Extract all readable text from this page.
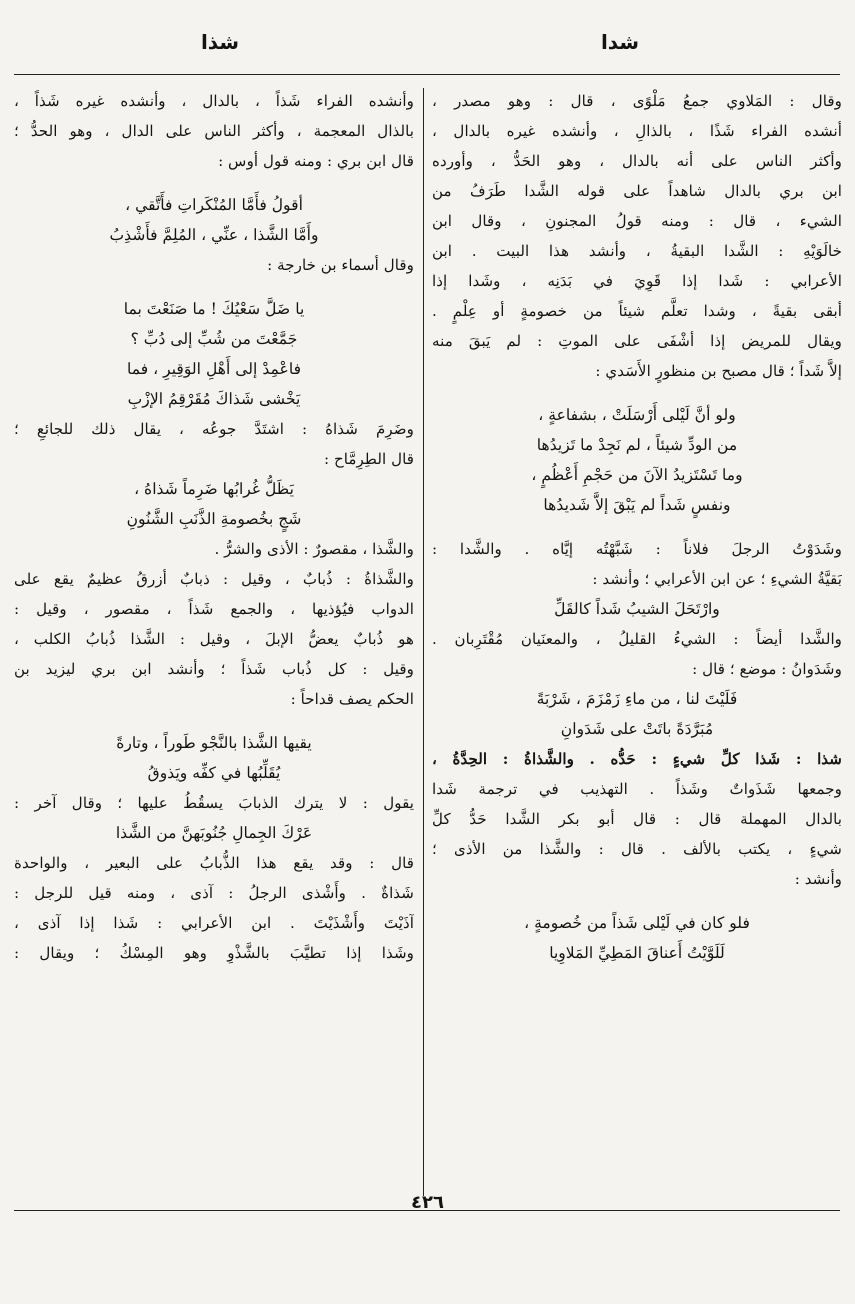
شدا
شذا
وقال : المَلاوي جمعُ مَلْوًى ، قال : وهو مصدر ،
أنشده الفراء شَذًا ، بالذالِ ، وأنشده غيره بالدال ،
وأكثر الناس على أنه بالدال ، وهو الحَدُّ ، وأورده
ابن بري بالدال شاهداً على قوله الشَّدا طَرَفُ من
الشيء ، قال : ومنه قولُ المجنونِ ، وقال ابن
خالَوَيْهِ : الشَّدا البقيةُ ، وأنشد هذا البيت . ابن
الأعرابي : شَدا إذا قَوِيَ في بَدَنِه ، وشَدا إذا
أبقى بقيةً ، وشدا تعلَّم شيئاً من خصومةٍ أو عِلْمٍ .
ويقال للمريض إذا أشْفَى على الموتِ : لم يَبقَ منه
إلاَّ شَداً ؛ قال مصبح بن منظورٍ الأَسَدي :
ولو أنَّ لَيْلى أَرْسَلَتْ ، بشفاعةٍ ،
من الودِّ شيئاً ، لم نَجِدْ ما تَزيدُها
وما تَسْتَزيدُ الآنَ من حَجْمِ أَعْظُمٍ ،
ونفسٍ شَداً لم يَبْقَ إلاَّ شَديدُها
وشَدَوْتُ الرجلَ فلاناً : شَبَّهْتُه إيَّاه . والشَّدا :
بَقيَّةُ الشيءِ ؛ عن ابن الأعرابي ؛ وأنشد :
وارْتَحَلَ الشيبُ شَداً كالقَلِّ
والشَّدا أيضاً : الشيءُ القليلُ ، والمعنَيان مُقْتَرِبان .
وشَدَوانُ : موضع ؛ قال :
فَلَيْتَ لنا ، من ماءِ زَمْزَمَ ، شَرْبَةً
مُبَرَّدَةً باتَتْ على شَدَوانِ
شذا : شَذا كلِّ شيءٍ : حَدُّه . والشَّذاةُ : الحِدَّةُ ،
وجمعها شَذَواتٌ وشَذاً . التهذيب في ترجمة شَدا
بالدال المهملة قال : قال أبو بكر الشَّدا حَدُّ كلِّ
شيءٍ ، يكتب بالألف . قال : والشَّذا من الأذى ؛
وأنشد :
فلو كان في لَيْلى شَذاً من خُصومةٍ ،
لَلَوَّيْتُ أَعناقَ المَطِيِّ المَلاوِيا
وأنشده الفراء شَذاً ، بالدال ، وأنشده غيره شَذاً ،
بالذال المعجمة ، وأكثر الناس على الدال ، وهو الحدُّ ؛
قال ابن بري : ومنه قول أوس :
أقولُ فأَمَّا المُنْكَراتِ فأَتَّقي ،
وأَمَّا الشَّذا ، عنِّي ، المُلِمَّ فأَشْذِبُ
وقال أسماء بن خارجة :
يا ضَلَّ سَعْيُكَ ! ما صَنَعْتَ بما
جَمَّعْتَ من شُبِّ إلى دُبِّ ؟
فاعْمِدْ إلى أَهْلِ الوَقِيرِ ، فما
يَخْشى شَذاكَ مُقَرْقِمُ الإزْبِ
وضَرِمَ شَذاهُ : اشتَدَّ جوعُه ، يقال ذلك للجائعِ ؛
قال الطِرِمَّاح :
يَظَلُّ غُرابُها ضَرِماً شَذاهُ ،
شَجٍ بخُصومةِ الذَّنَبِ الشَّنُونِ
والشَّذا ، مقصورٌ : الأذى والشرُّ .
والشَّذاةُ : ذُبابٌ ، وقيل : ذبابٌ أزرقُ عظيمٌ يقع على
الدواب فيُؤذيها ، والجمع شَذاً ، مقصور ، وقيل :
هو ذُبابٌ يعضُّ الإبلَ ، وقيل : الشَّذا ذُبابُ الكلب ،
وقيل : كل ذُباب شَذاً ؛ وأنشد ابن بري ليزيد بن
الحكم يصف قداحاً :
يقيها الشَّذا بالنَّجْو طَوراً ، وتارةً
يُقَلِّبُها في كفِّه ويَذوقُ
يقول : لا يترك الذبابَ يسقُطُ عليها ؛ وقال آخر :
عَرْكَ الجِمالِ جُنُوبَهنَّ من الشَّذا
قال : وقد يقع هذا الذُّبابُ على البعير ، والواحدة
شَذاةٌ . وأَشْذى الرجلُ : آذى ، ومنه قيل للرجل :
آذَيْتَ وأَشْذَيْتَ . ابن الأعرابي : شَذا إذا آذى ،
وشَذا إذا تطيَّبَ بالشَّذْوِ وهو المِسْكُ ؛ ويقال :
٤٢٦
